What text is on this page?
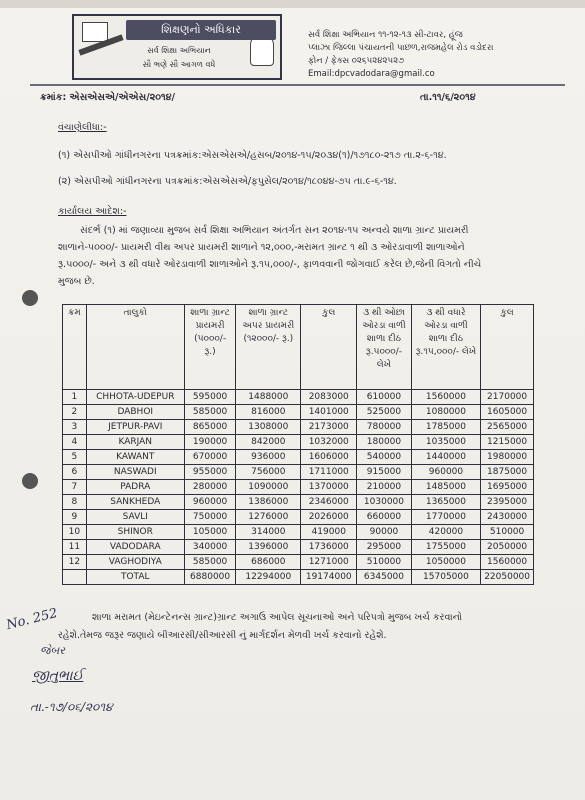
શિક્ષણનો અધિકાર
સર્વ શિક્ષા અભિયાન
સૌ ભણે સૌ આગળ વધે
સર્વ શિક્ષા અભિયાન ૧૧-૧૨-૧૩ સી-ટાવર, હૂંજ
પ્લાઝા જિલ્લા પંચાયતની પાછળ,રાજમહેલ રોડ વડોદરા
ફોન / ફેક્સ ૦૨૬૫૨૪૨૫૨૭
Email:dpcvadodara@gmail.co
ક્રમાંક: એસએસએ/એએસ/૨૦૧૪/	તા.૧૧/૬/૨૦૧૪
વંચાણેલીધા:-
(૧) એસપીઓ ગાંધીનગરના પત્રક્રમાંક:એસએસએ/હસબ/૨૦૧૪-૧૫/૨૦૩૪(૧)/૧૭૧૮૦-૨૧૭ તા.૨-૬-૧૪.
(૨) એસપીઓ ગાંધીનગરના પત્રક્રમાંક:એસએસએ/ફપુસેલ/૨૦૧૪/૧૮૦૪૪-૭૫ તા.૯-૬-૧૪.
કાર્યાલય આદેશ:-
સંદર્ભ (૧) માં જણાવ્યા મુજબ સર્વ શિક્ષા અભિયાન અંતર્ગત સન ૨૦૧૪-૧૫ અન્વયે શાળા ગ્રાન્ટ પ્રાયમરી
શાળાને-૫૦૦૦/- પ્રાયમરી વીથ અપર પ્રાયમરી શાળાને ૧૨,૦૦૦,-મરામત ગ્રાન્ટ ૧ થી ૩ ઓરડાવાળી શાળાઓને
રૂ.૫૦૦૦/- અને ૩ થી વધારે ઓરડાવાળી શાળાઓને રૂ.૧૫,૦૦૦/-, ફાળવવાની જોગવાઈ કરેલ છે,જેની વિગતો નીચે
મુજબ છે.
ક્રમ	તાલુકો	શાળા ગ્રાન્ટ પ્રાયમરી (૫૦૦૦/- રૂ.)	શાળા ગ્રાન્ટ અપર પ્રાયમરી (૧૨૦૦૦/- રૂ.)	કુલ	૩ થી ઓછા ઓરડા વાળી શાળા દીઠ રૂ.૫૦૦૦/- લેખે	૩ થી વધારે ઓરડા વાળી શાળા દીઠ રૂ.૧૫,૦૦૦/- લેખે	કુલ
1	CHHOTA-UDEPUR	595000	1488000	2083000	610000	1560000	2170000
2	DABHOI	585000	816000	1401000	525000	1080000	1605000
3	JETPUR-PAVI	865000	1308000	2173000	780000	1785000	2565000
4	KARJAN	190000	842000	1032000	180000	1035000	1215000
5	KAWANT	670000	936000	1606000	540000	1440000	1980000
6	NASWADI	955000	756000	1711000	915000	960000	1875000
7	PADRA	280000	1090000	1370000	210000	1485000	1695000
8	SANKHEDA	960000	1386000	2346000	1030000	1365000	2395000
9	SAVLI	750000	1276000	2026000	660000	1770000	2430000
10	SHINOR	105000	314000	419000	90000	420000	510000
11	VADODARA	340000	1396000	1736000	295000	1755000	2050000
12	VAGHODIYA	585000	686000	1271000	510000	1050000	1560000
	TOTAL	6880000	12294000	19174000	6345000	15705000	22050000
શાળા મરામત (મેઇન્ટેનન્સ ગ્રાન્ટ)ગ્રાન્ટ અગાઉ આપેલ સૂચનાઓ અને પરિપત્રો મુજબ ખર્ચ કરવાનો
રહેશે.તેમજ જરૂર જણાયે બીઆરસી/સીઆરસી નું માર્ગદર્શન મેળવી ખર્ચ કરવાનો રહેશે.
No. 252
જેબર
જીતુભાઈ
તા.-૧૭/૦૬/૨૦૧૪
